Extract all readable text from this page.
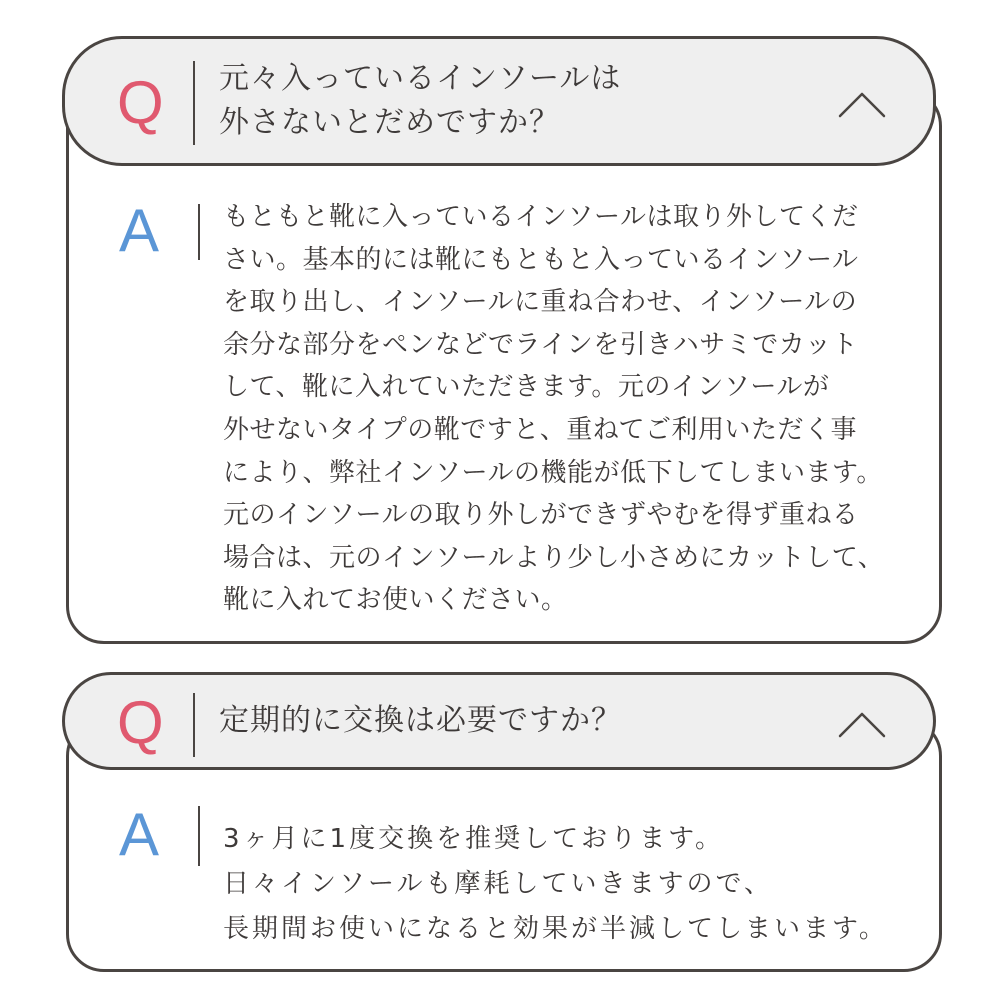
A もともと靴に入っているインソールは取り外してくだ
さい。基本的には靴にもともと入っているインソール
を取り出し、インソールに重ね合わせ、インソールの
余分な部分をペンなどでラインを引きハサミでカット
して、靴に入れていただきます。元のインソールが
外せないタイプの靴ですと、重ねてご利用いただく事
により、弊社インソールの機能が低下してしまいます。
元のインソールの取り外しができずやむを得ず重ねる
場合は、元のインソールより少し小さめにカットして、
靴に入れてお使いください。
Q 元々入っているインソールは
外さないとだめですか？
A 3ヶ月に1度交換を推奨しております。
日々インソールも摩耗していきますので、
長期間お使いになると効果が半減してしまいます。
Q 定期的に交換は必要ですか？
